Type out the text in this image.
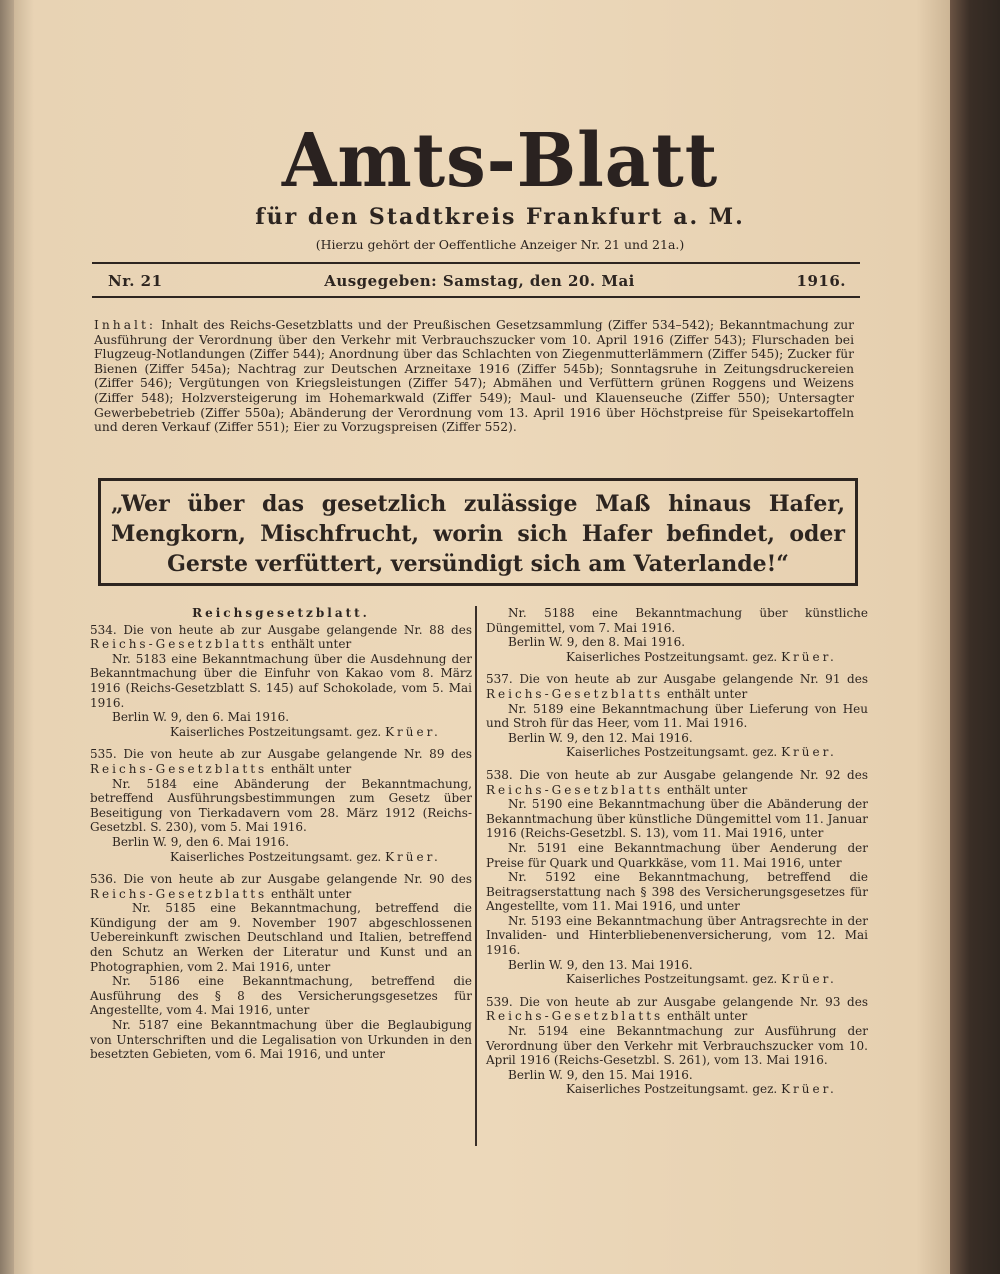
Amts-Blatt
für den Stadtkreis Frankfurt a. M.
(Hierzu gehört der Oeffentliche Anzeiger Nr. 21 und 21a.)
Nr. 21	Ausgegeben: Samstag, den 20. Mai	1916.
Inhalt: Inhalt des Reichs-Gesetzblatts und der Preußischen Gesetzsammlung (Ziffer 534–542); Bekanntmachung zur Ausführung der Verordnung über den Verkehr mit Verbrauchszucker vom 10. April 1916 (Ziffer 543); Flurschaden bei Flugzeug-Notlandungen (Ziffer 544); Anordnung über das Schlachten von Ziegenmutterlämmern (Ziffer 545); Zucker für Bienen (Ziffer 545a); Nachtrag zur Deutschen Arzneitaxe 1916 (Ziffer 545b); Sonntagsruhe in Zeitungsdruckereien (Ziffer 546); Vergütungen von Kriegsleistungen (Ziffer 547); Abmähen und Verfüttern grünen Roggens und Weizens (Ziffer 548); Holzversteigerung im Hohemarkwald (Ziffer 549); Maul- und Klauenseuche (Ziffer 550); Untersagter Gewerbebetrieb (Ziffer 550a); Abänderung der Verordnung vom 13. April 1916 über Höchstpreise für Speisekartoffeln und deren Verkauf (Ziffer 551); Eier zu Vorzugspreisen (Ziffer 552).
„Wer über das gesetzlich zulässige Maß hinaus Hafer, Mengkorn, Mischfrucht, worin sich Hafer befindet, oder Gerste verfüttert, versündigt sich am Vaterlande!“
Reichsgesetzblatt.
534. Die von heute ab zur Ausgabe gelangende Nr. 88 des Reichs-Gesetzblatts enthält unter
Nr. 5183 eine Bekanntmachung über die Ausdehnung der Bekanntmachung über die Einfuhr von Kakao vom 8. März 1916 (Reichs-Gesetzblatt S. 145) auf Schokolade, vom 5. Mai 1916.
Berlin W. 9, den 6. Mai 1916.
Kaiserliches Postzeitungsamt. gez. Krüer.
535. Die von heute ab zur Ausgabe gelangende Nr. 89 des Reichs-Gesetzblatts enthält unter
Nr. 5184 eine Abänderung der Bekanntmachung, betreffend Ausführungsbestimmungen zum Gesetz über Beseitigung von Tierkadavern vom 28. März 1912 (Reichs-Gesetzbl. S. 230), vom 5. Mai 1916.
Berlin W. 9, den 6. Mai 1916.
Kaiserliches Postzeitungsamt. gez. Krüer.
536. Die von heute ab zur Ausgabe gelangende Nr. 90 des Reichs-Gesetzblatts enthält unter
Nr. 5185 eine Bekanntmachung, betreffend die Kündigung der am 9. November 1907 abgeschlossenen Uebereinkunft zwischen Deutschland und Italien, betreffend den Schutz an Werken der Literatur und Kunst und an Photographien, vom 2. Mai 1916, unter
Nr. 5186 eine Bekanntmachung, betreffend die Ausführung des § 8 des Versicherungsgesetzes für Angestellte, vom 4. Mai 1916, unter
Nr. 5187 eine Bekanntmachung über die Beglaubigung von Unterschriften und die Legalisation von Urkunden in den besetzten Gebieten, vom 6. Mai 1916, und unter
Nr. 5188 eine Bekanntmachung über künstliche Düngemittel, vom 7. Mai 1916.
Berlin W. 9, den 8. Mai 1916.
Kaiserliches Postzeitungsamt. gez. Krüer.
537. Die von heute ab zur Ausgabe gelangende Nr. 91 des Reichs-Gesetzblatts enthält unter
Nr. 5189 eine Bekanntmachung über Lieferung von Heu und Stroh für das Heer, vom 11. Mai 1916.
Berlin W. 9, den 12. Mai 1916.
Kaiserliches Postzeitungsamt. gez. Krüer.
538. Die von heute ab zur Ausgabe gelangende Nr. 92 des Reichs-Gesetzblatts enthält unter
Nr. 5190 eine Bekanntmachung über die Abänderung der Bekanntmachung über künstliche Düngemittel vom 11. Januar 1916 (Reichs-Gesetzbl. S. 13), vom 11. Mai 1916, unter
Nr. 5191 eine Bekanntmachung über Aenderung der Preise für Quark und Quarkkäse, vom 11. Mai 1916, unter
Nr. 5192 eine Bekanntmachung, betreffend die Beitragserstattung nach § 398 des Versicherungsgesetzes für Angestellte, vom 11. Mai 1916, und unter
Nr. 5193 eine Bekanntmachung über Antragsrechte in der Invaliden- und Hinterbliebenenversicherung, vom 12. Mai 1916.
Berlin W. 9, den 13. Mai 1916.
Kaiserliches Postzeitungsamt. gez. Krüer.
539. Die von heute ab zur Ausgabe gelangende Nr. 93 des Reichs-Gesetzblatts enthält unter
Nr. 5194 eine Bekanntmachung zur Ausführung der Verordnung über den Verkehr mit Verbrauchszucker vom 10. April 1916 (Reichs-Gesetzbl. S. 261), vom 13. Mai 1916.
Berlin W. 9, den 15. Mai 1916.
Kaiserliches Postzeitungsamt. gez. Krüer.
